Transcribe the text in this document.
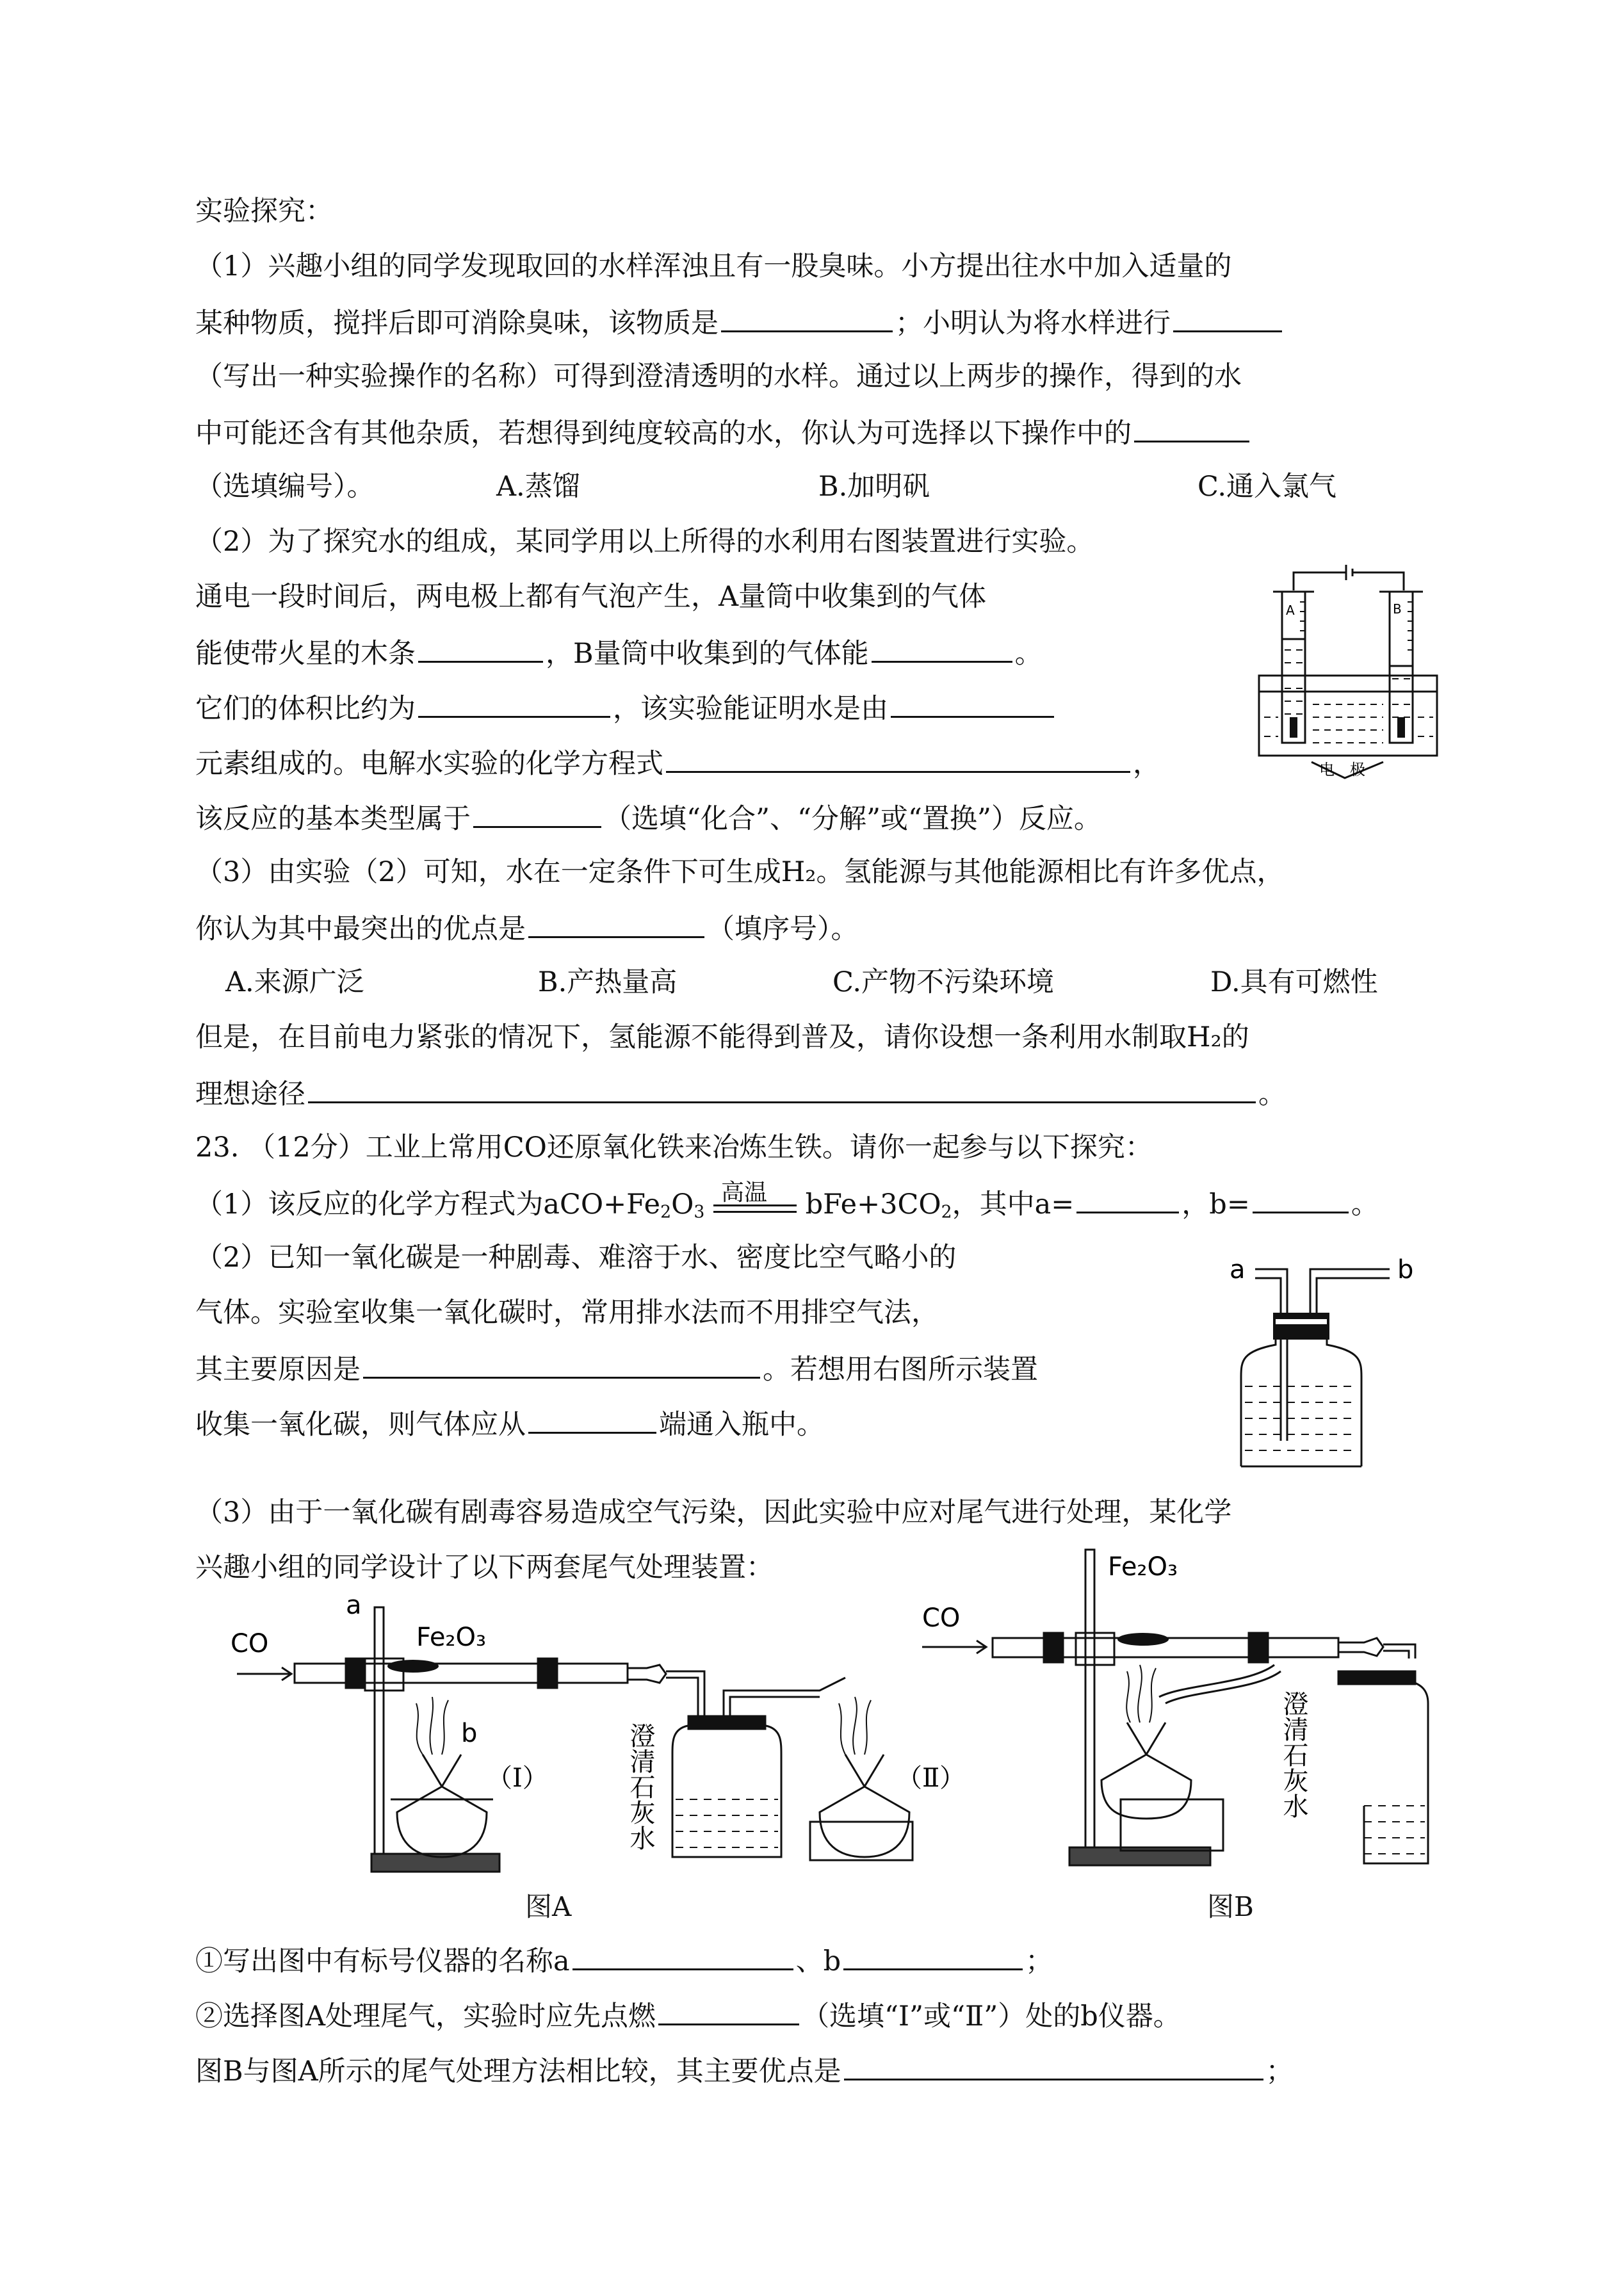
实验探究：
（1）兴趣小组的同学发现取回的水样浑浊且有一股臭味。小方提出往水中加入适量的
某种物质，搅拌后即可消除臭味，该物质是	；小明认为将水样进行
（写出一种实验操作的名称）可得到澄清透明的水样。通过以上两步的操作，得到的水
中可能还含有其他杂质，若想得到纯度较高的水，你认为可选择以下操作中的
（选填编号）。	A.蒸馏	B.加明矾	C.通入氯气
（2）为了探究水的组成，某同学用以上所得的水利用右图装置进行实验。
通电一段时间后，两电极上都有气泡产生，A量筒中收集到的气体
能使带火星的木条	，B量筒中收集到的气体能	。
它们的体积比约为	，该实验能证明水是由
元素组成的。电解水实验的化学方程式	，
该反应的基本类型属于	（选填“化合”、“分解”或“置换”）反应。
A	B
电　极
（3）由实验（2）可知，水在一定条件下可生成H₂。氢能源与其他能源相比有许多优点，
你认为其中最突出的优点是	（填序号）。
A.来源广泛	B.产热量高	C.产物不污染环境	D.具有可燃性
但是，在目前电力紧张的情况下，氢能源不能得到普及，请你设想一条利用水制取H₂的
理想途径	。
23. （12分）工业上常用CO还原氧化铁来冶炼生铁。请你一起参与以下探究：
（1）该反应的化学方程式为$aCO+Fe_2O_3$
高温 $bFe+3CO_2$，其中a=	，b=	。
（2）已知一氧化碳是一种剧毒、难溶于水、密度比空气略小的
气体。实验室收集一氧化碳时，常用排水法而不用排空气法，
其主要原因是	。若想用右图所示装置
收集一氧化碳，则气体应从	端通入瓶中。
a	b
（3）由于一氧化碳有剧毒容易造成空气污染，因此实验中应对尾气进行处理，某化学
兴趣小组的同学设计了以下两套尾气处理装置：
CO	Fe₂O₃
a
b
（Ⅰ）	（Ⅱ）
澄清石灰水
图A
CO
Fe₂O₃
澄清石灰水
图B
①写出图中有标号仪器的名称a	、b	；
②选择图A处理尾气，实验时应先点燃	（选填“Ⅰ”或“Ⅱ”）处的b仪器。
图B与图A所示的尾气处理方法相比较，其主要优点是	；
